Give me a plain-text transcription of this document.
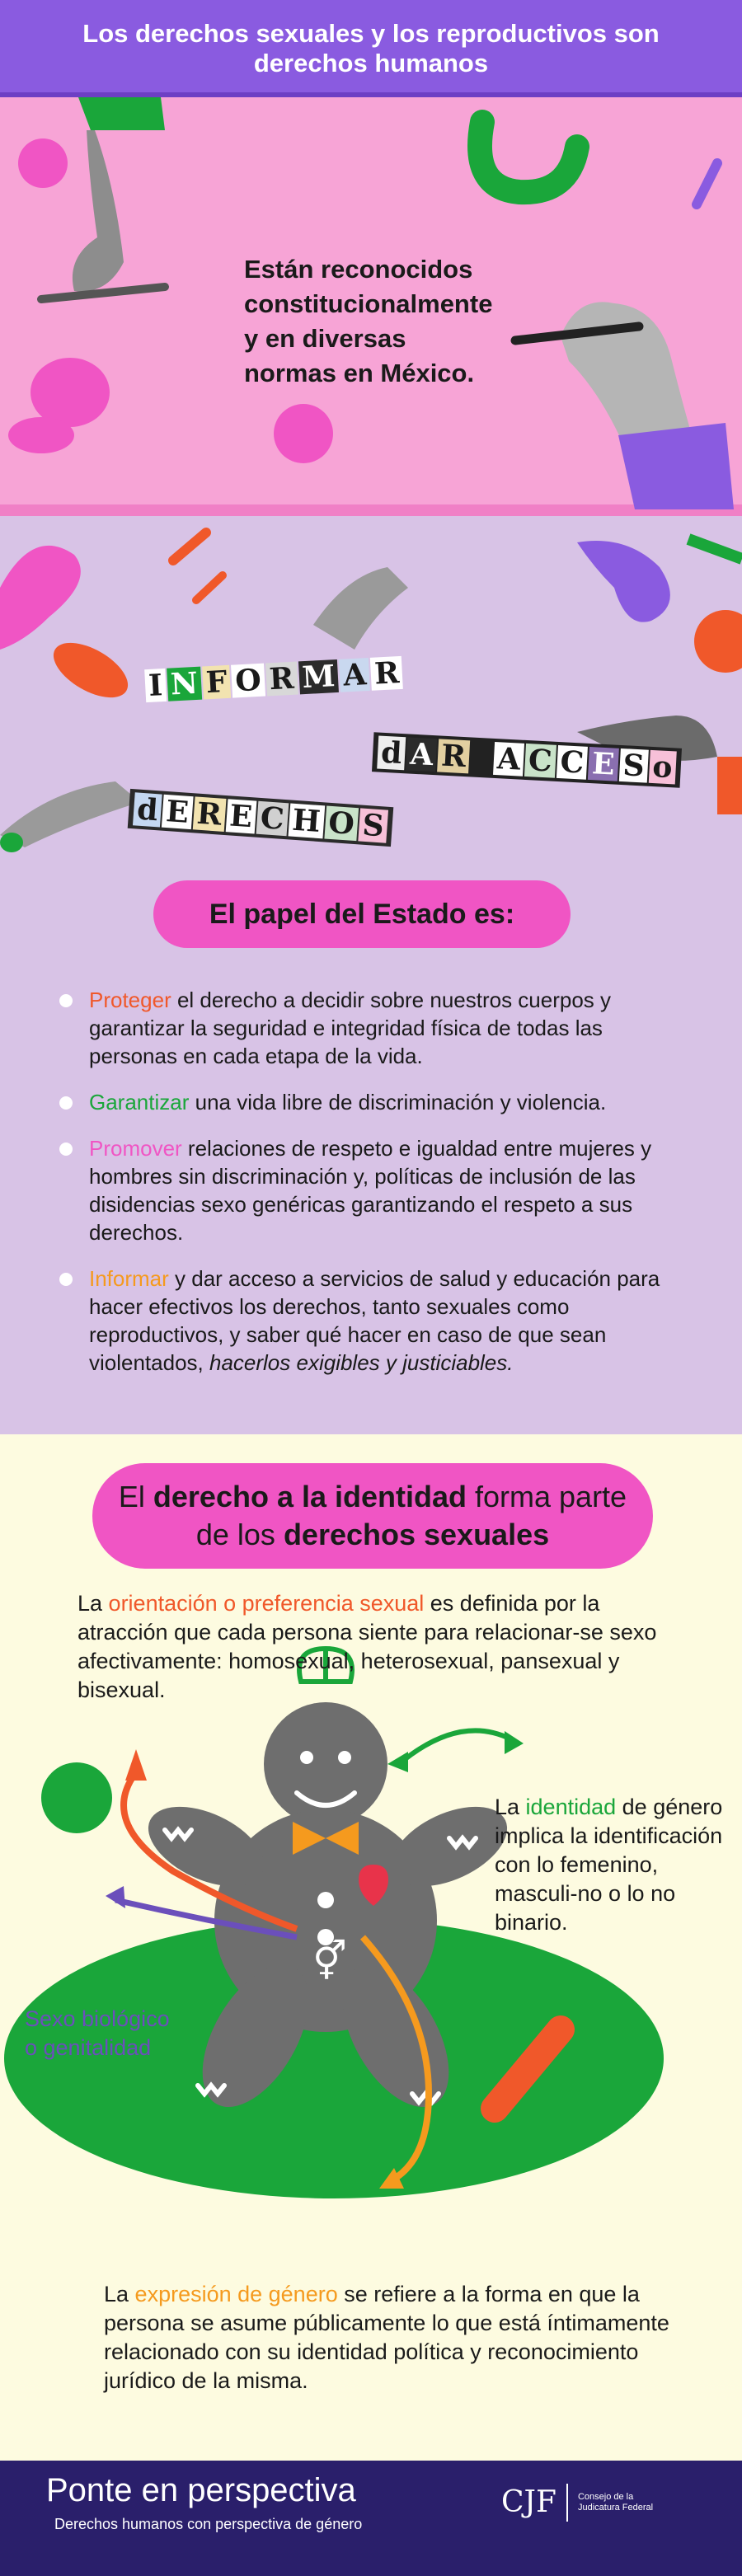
Los derechos sexuales y los reproductivos son derechos humanos
Están reconocidos
constitucionalmente
y en diversas
normas en México.
I N F O R M A R
d A R _ A C C E S o
d E R E C H O S
El papel del Estado es:
Proteger el derecho a decidir sobre nuestros cuerpos y garantizar la seguridad e integridad física de todas las personas en cada etapa de la vida.
Garantizar una vida libre de discriminación y violencia.
Promover relaciones de respeto e igualdad entre mujeres y hombres sin discriminación y, políticas de inclusión de las disidencias sexo genéricas garantizando el respeto a sus derechos.
Informar y dar acceso a servicios de salud y educación para hacer efectivos los derechos, tanto sexuales como reproductivos, y saber qué hacer en caso de que sean violentados, hacerlos exigibles y justiciables.
⚥
El derecho a la identidad forma parte
de los derechos sexuales
La orientación o preferencia sexual es definida por la atracción que cada persona siente para relacionar-se sexo afectivamente: homosexual, heterosexual, pansexual y bisexual.
La identidad de género implica la identificación con lo femenino, masculi-no o lo no binario.
Sexo biológico
o genitalidad
La expresión de género se refiere a la forma en que la persona se asume públicamente lo que está íntimamente relacionado con su identidad política y reconocimiento jurídico de la misma.
Ponte en perspectiva
Derechos humanos con perspectiva de género
CJF Consejo de la
Judicatura Federal
